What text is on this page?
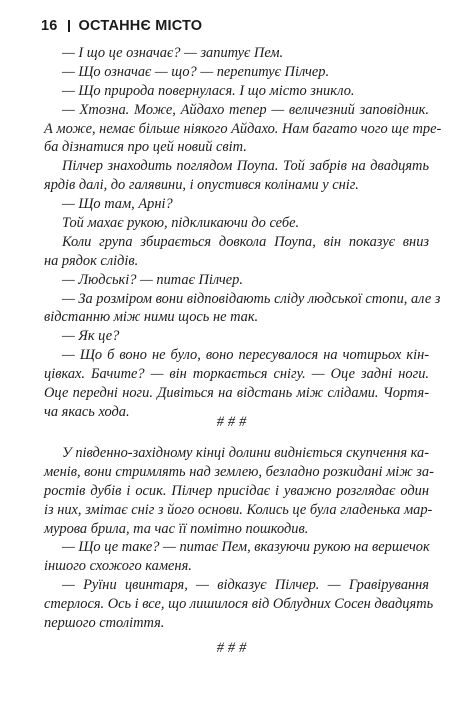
16 ОСТАННЄ МІСТО
— І що це означає? — запитує Пем.
— Що означає — що? — перепитує Пілчер.
— Що природа повернулася. І що місто зникло.
— Хтозна. Може, Айдахо тепер — величезний заповідник.
А може, немає більше ніякого Айдахо. Нам багато чого ще тре-
ба дізнатися про цей новий світ.
Пілчер знаходить поглядом Поупа. Той забрів на двадцять
ярдів далі, до галявини, і опустився колінами у сніг.
— Що там, Арні?
Той махає рукою, підкликаючи до себе.
Коли група збирається довкола Поупа, він показує вниз
на рядок слідів.
— Людські? — питає Пілчер.
— За розміром вони відповідають сліду людської стопи, але з
відстанню між ними щось не так.
— Як це?
— Що б воно не було, воно пересувалося на чотирьох кін-
цівках. Бачите? — він торкається снігу. — Оце задні ноги.
Оце передні ноги. Дивіться на відстань між слідами. Чортя-
ча якась хода.
###
У південно-західному кінці долини видніється скупчення ка-
менів, вони стримлять над землею, безладно розкидані між за-
ростів дубів і осик. Пілчер присідає і уважно розглядає один
із них, змітає сніг з його основи. Колись це була гладенька мар-
мурова брила, та час її помітно пошкодив.
— Що це таке? — питає Пем, вказуючи рукою на вершечок
іншого схожого каменя.
— Руїни цвинтаря, — відказує Пілчер. — Гравірування
стерлося. Ось і все, що лишилося від Облудних Сосен двадцять
першого століття.
###
